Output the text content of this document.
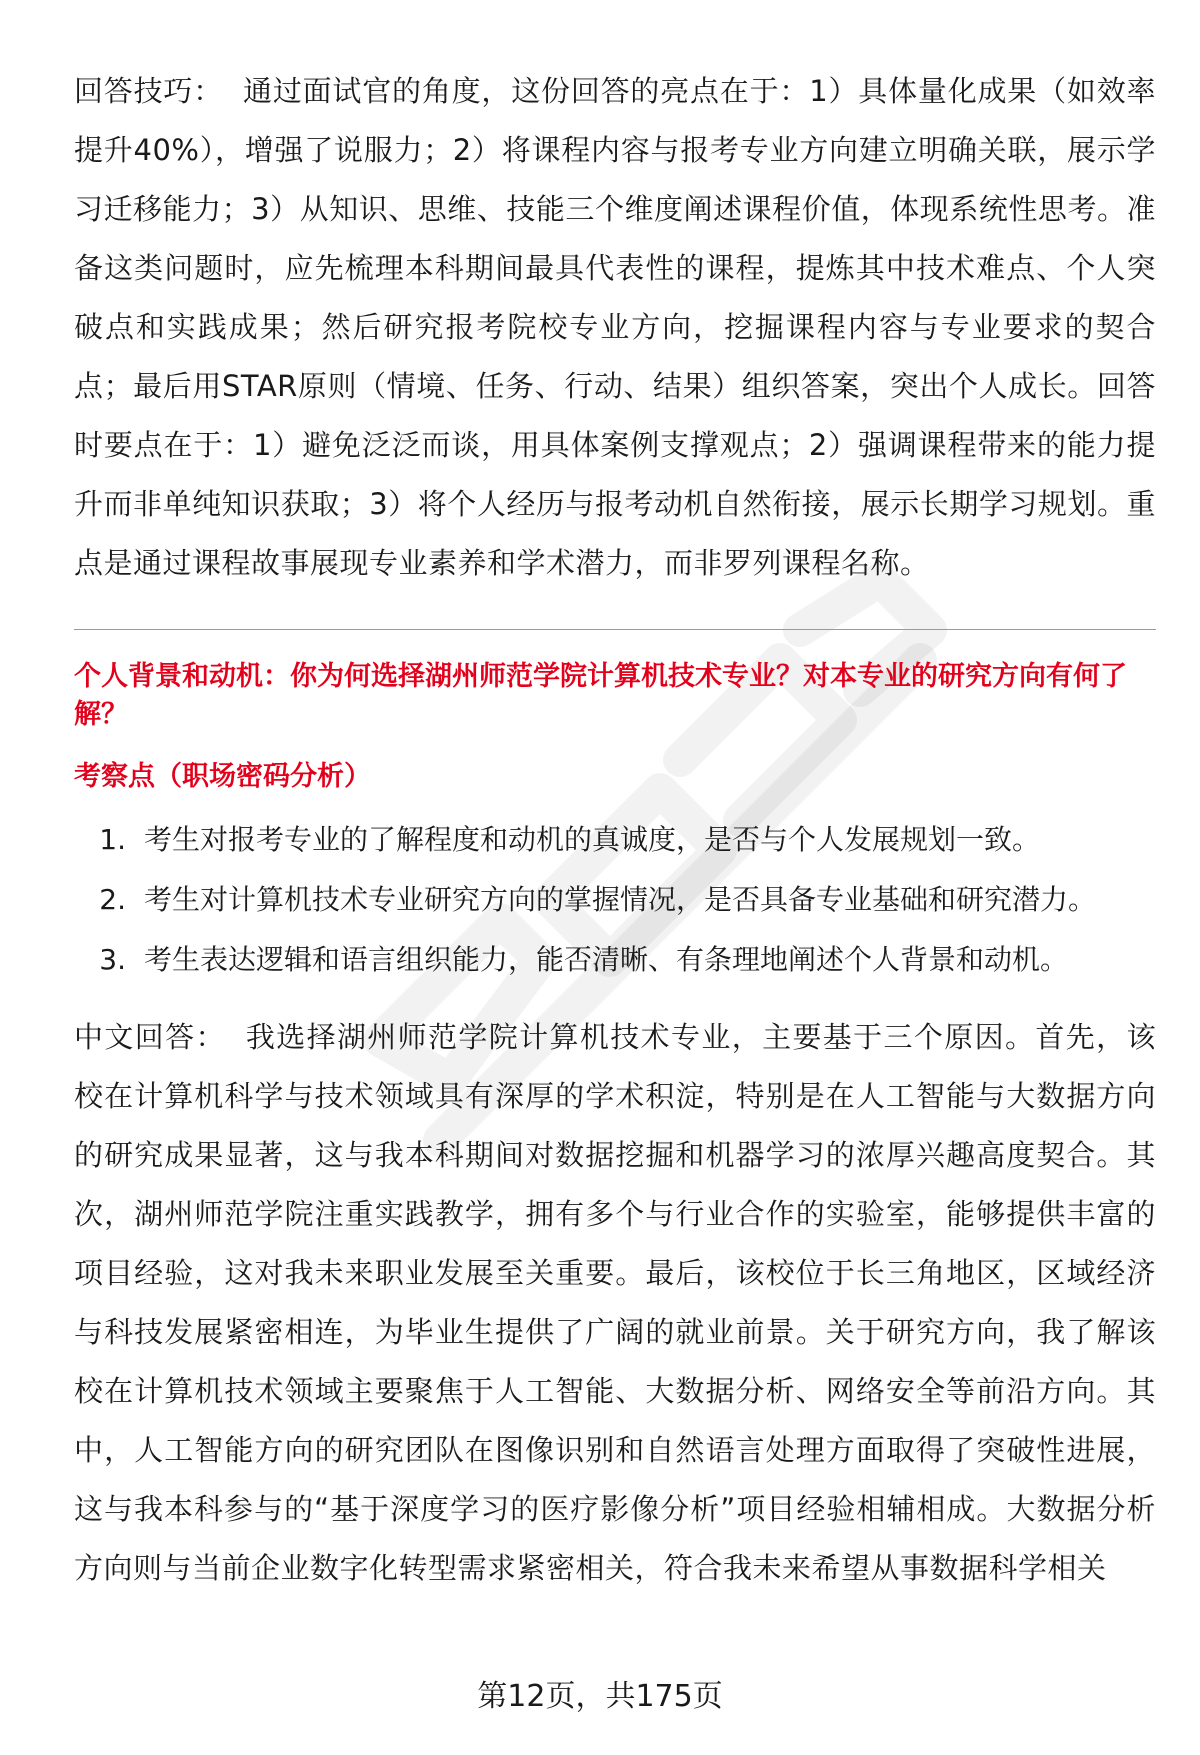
回答技巧： 通过面试官的角度，这份回答的亮点在于：1）具体量化成果（如效率提升40%），增强了说服力；2）将课程内容与报考专业方向建立明确关联，展示学习迁移能力；3）从知识、思维、技能三个维度阐述课程价值，体现系统性思考。准备这类问题时，应先梳理本科期间最具代表性的课程，提炼其中技术难点、个人突破点和实践成果；然后研究报考院校专业方向，挖掘课程内容与专业要求的契合点；最后用STAR原则（情境、任务、行动、结果）组织答案，突出个人成长。回答时要点在于：1）避免泛泛而谈，用具体案例支撑观点；2）强调课程带来的能力提升而非单纯知识获取；3）将个人经历与报考动机自然衔接，展示长期学习规划。重点是通过课程故事展现专业素养和学术潜力，而非罗列课程名称。

个人背景和动机：你为何选择湖州师范学院计算机技术专业？对本专业的研究方向有何了解？
考察点（职场密码分析）
1. 考生对报考专业的了解程度和动机的真诚度，是否与个人发展规划一致。
2. 考生对计算机技术专业研究方向的掌握情况，是否具备专业基础和研究潜力。
3. 考生表达逻辑和语言组织能力，能否清晰、有条理地阐述个人背景和动机。

中文回答： 我选择湖州师范学院计算机技术专业，主要基于三个原因。首先，该校在计算机科学与技术领域具有深厚的学术积淀，特别是在人工智能与大数据方向的研究成果显著，这与我本科期间对数据挖掘和机器学习的浓厚兴趣高度契合。其次，湖州师范学院注重实践教学，拥有多个与行业合作的实验室，能够提供丰富的项目经验，这对我未来职业发展至关重要。最后，该校位于长三角地区，区域经济与科技发展紧密相连，为毕业生提供了广阔的就业前景。关于研究方向，我了解该校在计算机技术领域主要聚焦于人工智能、大数据分析、网络安全等前沿方向。其中，人工智能方向的研究团队在图像识别和自然语言处理方面取得了突破性进展，这与我本科参与的“基于深度学习的医疗影像分析”项目经验相辅相成。大数据分析方向则与当前企业数字化转型需求紧密相关，符合我未来希望从事数据科学相关

第12页，共175页
